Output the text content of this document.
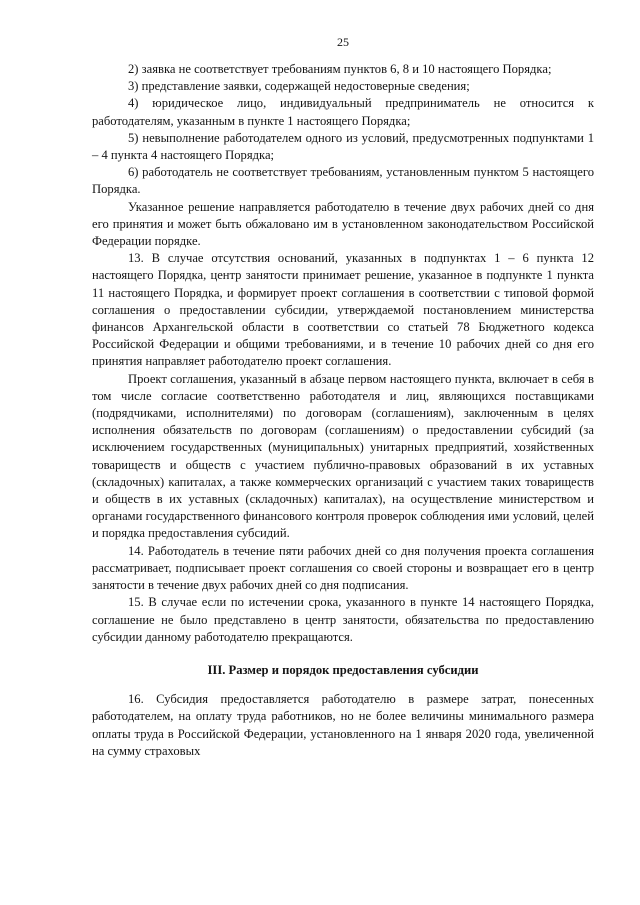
25

2) заявка не соответствует требованиям пунктов 6, 8 и 10 настоящего Порядка;

3) представление заявки, содержащей недостоверные сведения;

4) юридическое лицо, индивидуальный предприниматель не относится к работодателям, указанным в пункте 1 настоящего Порядка;

5) невыполнение работодателем одного из условий, предусмотренных подпунктами 1 – 4 пункта 4 настоящего Порядка;

6) работодатель не соответствует требованиям, установленным пунктом 5 настоящего Порядка.

Указанное решение направляется работодателю в течение двух рабочих дней со дня его принятия и может быть обжаловано им в установленном законодательством Российской Федерации порядке.

13. В случае отсутствия оснований, указанных в подпунктах 1 – 6 пункта 12 настоящего Порядка, центр занятости принимает решение, указанное в подпункте 1 пункта 11 настоящего Порядка, и формирует проект соглашения в соответствии с типовой формой соглашения о предоставлении субсидии, утверждаемой постановлением министерства финансов Архангельской области в соответствии со статьей 78 Бюджетного кодекса Российской Федерации и общими требованиями, и в течение 10 рабочих дней со дня его принятия направляет работодателю проект соглашения.

Проект соглашения, указанный в абзаце первом настоящего пункта, включает в себя в том числе согласие соответственно работодателя и лиц, являющихся поставщиками (подрядчиками, исполнителями) по договорам (соглашениям), заключенным в целях исполнения обязательств по договорам (соглашениям) о предоставлении субсидий (за исключением государственных (муниципальных) унитарных предприятий, хозяйственных товариществ и обществ с участием публично-правовых образований в их уставных (складочных) капиталах, а также коммерческих организаций с участием таких товариществ и обществ в их уставных (складочных) капиталах), на осуществление министерством и органами государственного финансового контроля проверок соблюдения ими условий, целей и порядка предоставления субсидий.

14. Работодатель в течение пяти рабочих дней со дня получения проекта соглашения рассматривает, подписывает проект соглашения со своей стороны и возвращает его в центр занятости в течение двух рабочих дней со дня подписания.

15. В случае если по истечении срока, указанного в пункте 14 настоящего Порядка, соглашение не было представлено в центр занятости, обязательства по предоставлению субсидии данному работодателю прекращаются.

III. Размер и порядок предоставления субсидии

16. Субсидия предоставляется работодателю в размере затрат, понесенных работодателем, на оплату труда работников, но не более величины минимального размера оплаты труда в Российской Федерации, установленного на 1 января 2020 года, увеличенной на сумму страховых
